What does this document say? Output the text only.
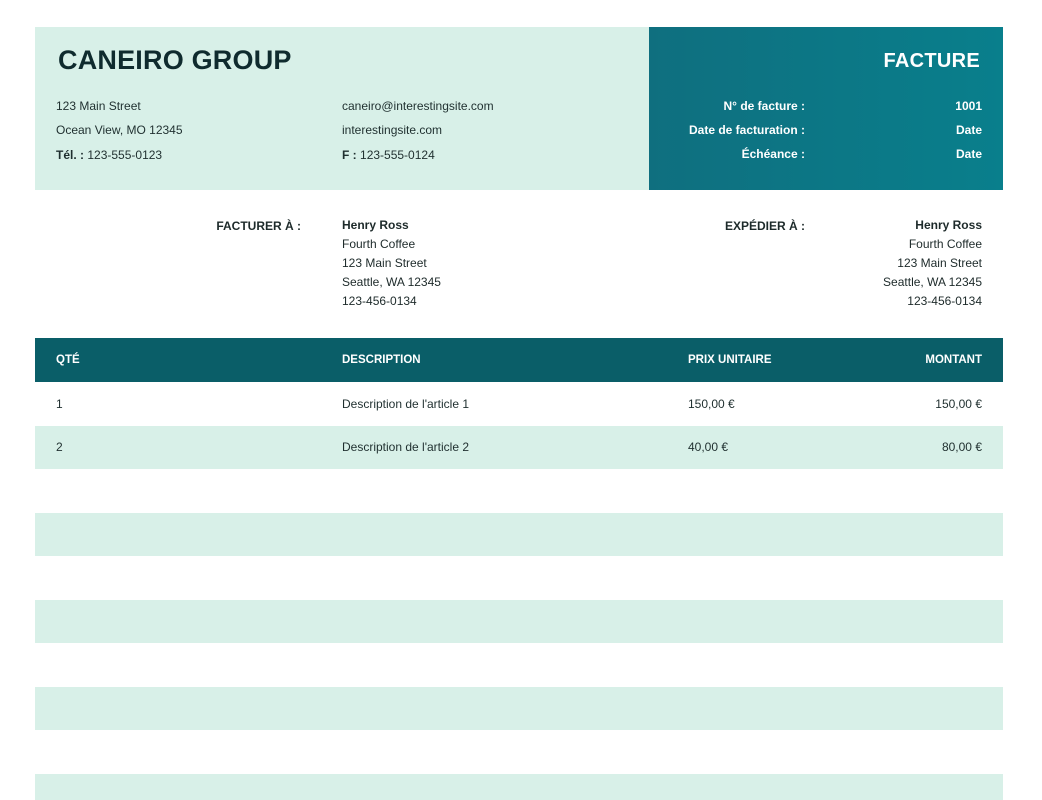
CANEIRO GROUP
123 Main Street
Ocean View, MO 12345
Tél. : 123-555-0123
caneiro@interestingsite.com
interestingsite.com
F : 123-555-0124
FACTURE
N° de facture :	1001
Date de facturation :	Date
Échéance :	Date
FACTURER À :	Henry Ross
Fourth Coffee
123 Main Street
Seattle, WA 12345
123-456-0134
EXPÉDIER À :	Henry Ross
Fourth Coffee
123 Main Street
Seattle, WA 12345
123-456-0134
QTÉ	DESCRIPTION	PRIX UNITAIRE	MONTANT
1	Description de l'article 1	150,00 €	150,00 €
2	Description de l'article 2	40,00 €	80,00 €
